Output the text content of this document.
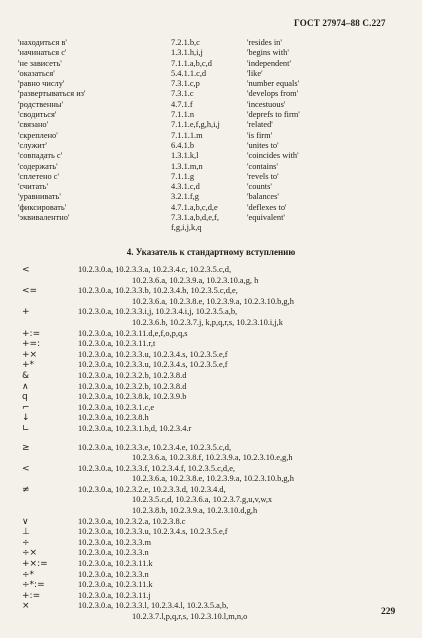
ГОСТ 27974–88 С.227
'находиться в'	7.2.1.b,c	'resides in'
'начинаться с'	1.3.1.h,i,j	'begins with'
'не зависеть'	7.1.1.a,b,c,d	'independent'
'оказаться'	5.4.1.1.c,d	'like'
'равно числу'	7.3.1.c,p	'number equals'
'развертываться из'	7.3.1.c	'develops from'
'родственны'	4.7.1.f	'incestuous'
'сводиться'	7.1.1.n	'deprefs to firm'
'связано'	7.1.1.e,f,g,h,i,j	'related'
'скреплено'	7.1.1.1.m	'is firm'
'служит'	6.4.1.b	'unites to'
'совпадать с'	1.3.1.k,l	'coincides with'
'содержать'	1.3.1.m,n	'contains'
'сплетено с'	7.1.1.g	'revels to'
'считать'	4.3.1.c,d	'counts'
'уравнивать'	3.2.1.f,g	'balances'
'фиксировать'	4.7.1.a,b,c,d,e	'deflexes to'
'эквивалентно'	7.3.1.a,b,d,e,f,	'equivalent'
f,g,i,j,k,q
4. Указатель к стандартному вступлению
<	10.2.3.0.a, 10.2.3.3.a, 10.2.3.4.c, 10.2.3.5.c,d,
10.2.3.6.a, 10.2.3.9.a, 10.2.3.10.a,g, h
<=	10.2.3.0.a, 10.2.3.3.b, 10.2.3.4.b, 10.2.3.5.c,d,e,
10.2.3.6.a, 10.2.3.8.e, 10.2.3.9.a, 10.2.3.10.b,g,h
+	10.2.3.0.a, 10.2.3.3.i,j, 10.2.3.4.i,j, 10.2.3.5.a,b,
10.2.3.6.b, 10.2.3.7.j, k,p,q,r,s, 10.2.3.10.i,j,k
+:=	10.2.3.0.a, 10.2.3.11.d,e,f,o,p,q,s
+=:	10.2.3.0.a, 10.2.3.11.r,t
+×	10.2.3.0.a, 10.2.3.3.u, 10.2.3.4.s, 10.2.3.5.e,f
+*	10.2.3.0.a, 10.2.3.3.u, 10.2.3.4.s, 10.2.3.5.e,f
&	10.2.3.0.a, 10.2.3.2.b, 10.2.3.8.d
∧	10.2.3.0.a, 10.2.3.2.b, 10.2.3.8.d
q	10.2.3.0.a, 10.2.3.8.k, 10.2.3.9.b
⌐	10.2.3.0.a, 10.2.3.1.c,e
↓	10.2.3.0.a, 10.2.3.8.h
∟	10.2.3.0.a, 10.2.3.1.b,d, 10.2.3.4.r
≥	10.2.3.0.a, 10.2.3.3.e, 10.2.3.4.e, 10.2.3.5.c,d,
10.2.3.6.a, 10.2.3.8.f, 10.2.3.9.a, 10.2.3.10.e,g,h
<	10.2.3.0.a, 10.2.3.3.f, 10.2.3.4.f, 10.2.3.5.c,d,e,
10.2.3.6.a, 10.2.3.8.e, 10.2.3.9.a, 10.2.3.10.b,g,h
≠	10.2.3.0.a, 10.2.3.2.e, 10.2.3.3.d, 10.2.3.4.d,
10.2.3.5.c,d, 10.2.3.6.a, 10.2.3.7.g,u,v,w,x
10.2.3.8.b, 10.2.3.9.a, 10.2.3.10.d,g,h
∨	10.2.3.0.a, 10.2.3.2.a, 10.2.3.8.c
⊥	10.2.3.0.a, 10.2.3.3.u, 10.2.3.4.s, 10.2.3.5.e,f
÷	10.2.3.0.a, 10.2.3.3.m
÷×	10.2.3.0.a, 10.2.3.3.n
+×:=	10.2.3.0.a, 10.2.3.11.k
÷*	10.2.3.0.a, 10.2.3.3.n
÷*:=	10.2.3.0.a, 10.2.3.11.k
+:=	10.2.3.0.a, 10.2.3.11.j
×	10.2.3.0.a, 10.2.3.3.l, 10.2.3.4.l, 10.2.3.5.a,b,
10.2.3.7.l,p,q,r,s, 10.2.3.10.l,m,n,o	229
